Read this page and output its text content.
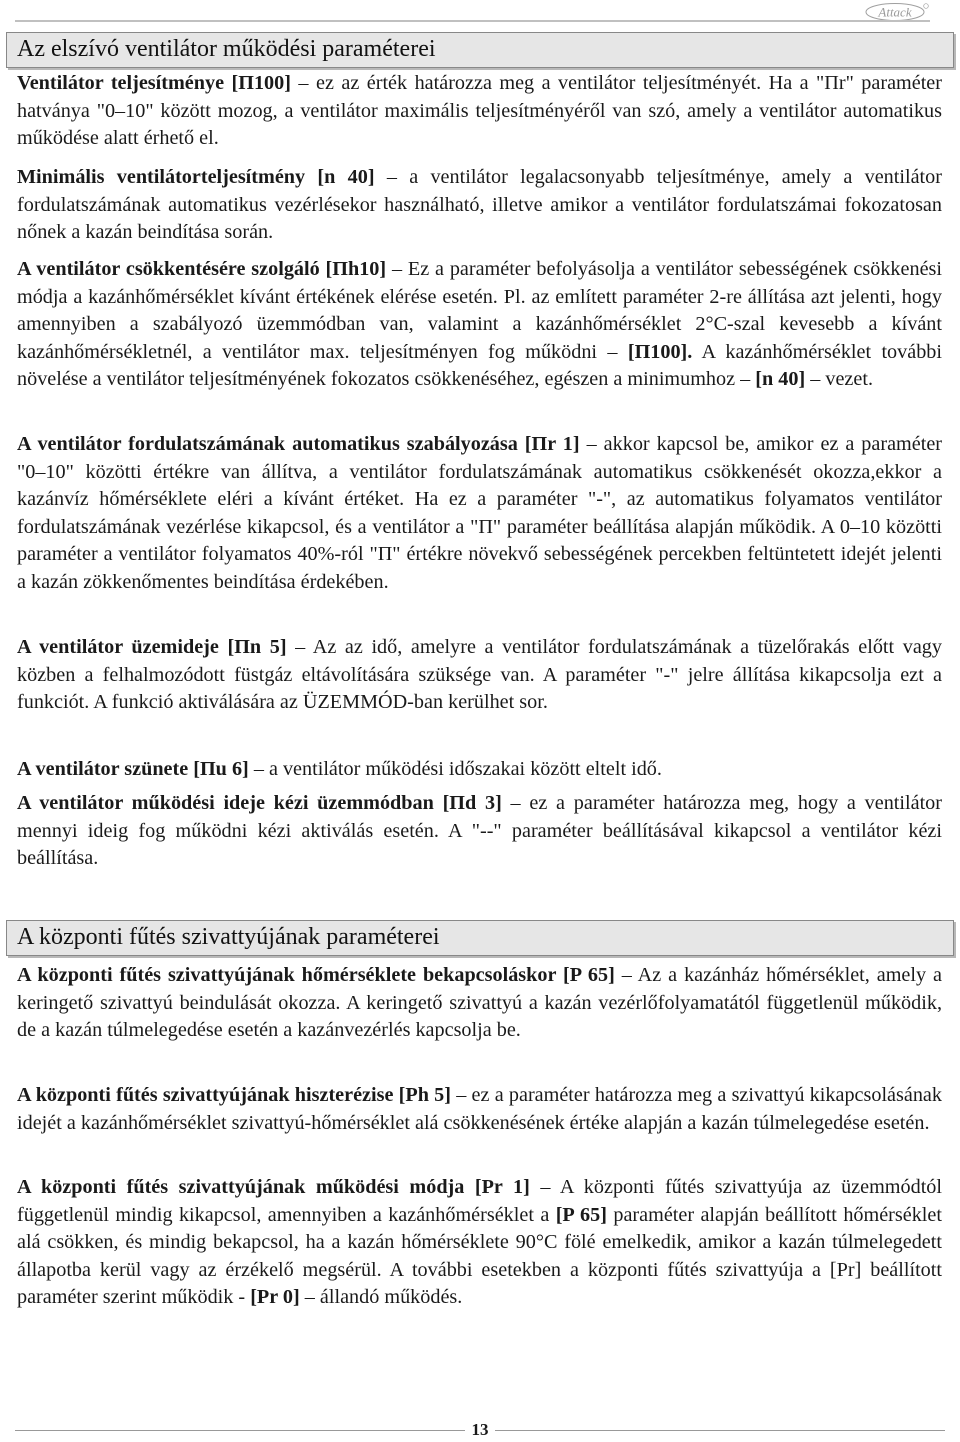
Attack
Az elszívó ventilátor működési paraméterei

Ventilátor teljesítménye [П100] – ez az érték határozza meg a ventilátor teljesítményét. Ha a "Пr" paraméter hatványa "0–10" között mozog, a ventilátor maximális teljesítményéről van szó, amely a ventilátor automatikus működése alatt érhető el.

Minimális ventilátorteljesítmény [n 40] – a ventilátor legalacsonyabb teljesítménye, amely a ventilátor fordulatszámának automatikus vezérlésekor használható, illetve amikor a ventilátor fordulatszámai fokozatosan nőnek a kazán beindítása során.

A ventilátor csökkentésére szolgáló [Пh10] – Ez a paraméter befolyásolja a ventilátor sebességének csökkenési módja a kazánhőmérséklet kívánt értékének elérése esetén. Pl. az említett paraméter 2-re állítása azt jelenti, hogy amennyiben a szabályozó üzemmódban van, valamint a kazánhőmérséklet 2°C-szal kevesebb a kívánt kazánhőmérsékletnél, a ventilátor max. teljesítményen fog működni – [П100]. A kazánhőmérséklet további növelése a ventilátor teljesítményének fokozatos csökkenéséhez, egészen a minimumhoz – [n 40] – vezet.

A ventilátor fordulatszámának automatikus szabályozása [Пr 1] – akkor kapcsol be, amikor ez a paraméter "0–10" közötti értékre van állítva, a ventilátor fordulatszámának automatikus csökkenését okozza,ekkor a kazánvíz hőmérséklete eléri a kívánt értéket. Ha ez a paraméter "-", az automatikus folyamatos ventilátor fordulatszámának vezérlése kikapcsol, és a ventilátor a "П" paraméter beállítása alapján működik. A 0–10 közötti paraméter a ventilátor folyamatos 40%-ról "П" értékre növekvő sebességének percekben feltüntetett idejét jelenti a kazán zökkenőmentes beindítása érdekében.

A ventilátor üzemideje [Пn 5] – Az az idő, amelyre a ventilátor fordulatszámának a tüzelőrakás előtt vagy közben a felhalmozódott füstgáz eltávolítására szüksége van. A paraméter "-" jelre állítása kikapcsolja ezt a funkciót. A funkció aktiválására az ÜZEMMÓD-ban kerülhet sor.

A ventilátor szünete [Пu 6] – a ventilátor működési időszakai között eltelt idő.

A ventilátor működési ideje kézi üzemmódban [Пd 3] – ez a paraméter határozza meg, hogy a ventilátor mennyi ideig fog működni kézi aktiválás esetén. A "--" paraméter beállításával kikapcsol a ventilátor kézi beállítása.

A központi fűtés szivattyújának paraméterei

A központi fűtés szivattyújának hőmérséklete bekapcsoláskor [P 65] – Az a kazánház hőmérséklet, amely a keringető szivattyú beindulását okozza. A keringető szivattyú a kazán vezérlőfolyamatától függetlenül működik, de a kazán túlmelegedése esetén a kazánvezérlés kapcsolja be.

A központi fűtés szivattyújának hiszterézise [Ph 5] – ez a paraméter határozza meg a szivattyú kikapcsolásának idejét a kazánhőmérséklet szivattyú-hőmérséklet alá csökkenésének értéke alapján a kazán túlmelegedése esetén.

A központi fűtés szivattyújának működési módja [Pr 1] – A központi fűtés szivattyúja az üzemmódtól függetlenül mindig kikapcsol, amennyiben a kazánhőmérséklet a [P 65] paraméter alapján beállított hőmérséklet alá csökken, és mindig bekapcsol, ha a kazán hőmérséklete 90°C fölé emelkedik, amikor a kazán túlmelegedett állapotba kerül vagy az érzékelő megsérül. A további esetekben a központi fűtés szivattyúja a [Pr] beállított paraméter szerint működik - [Pr 0] – állandó működés.

13
